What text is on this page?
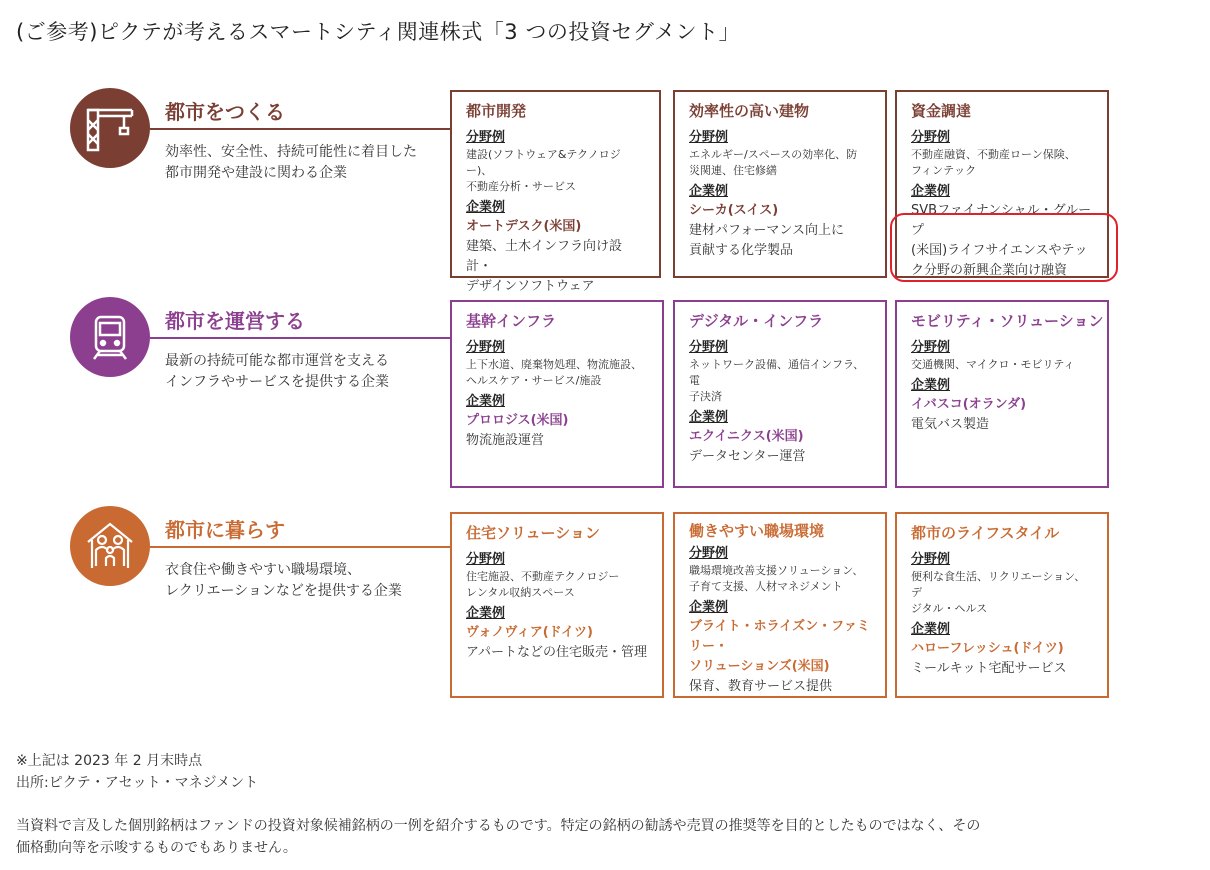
(ご参考)ピクテが考えるスマートシティ関連株式「3 つの投資セグメント」
都市をつくる
効率性、安全性、持続可能性に着目した
都市開発や建設に関わる企業
都市を運営する
最新の持続可能な都市運営を支える
インフラやサービスを提供する企業
都市に暮らす
衣食住や働きやすい職場環境、
レクリエーションなどを提供する企業
都市開発
分野例
建設(ソフトウェア&テクノロジー)、
不動産分析・サービス
企業例
オートデスク(米国)
建築、土木インフラ向け設計・
デザインソフトウェア
効率性の高い建物
分野例
エネルギー/スペースの効率化、防
災関連、住宅修繕
企業例
シーカ(スイス)
建材パフォーマンス向上に
貢献する化学製品
資金調達
分野例
不動産融資、不動産ローン保険、
フィンテック
企業例
SVBファイナンシャル・グループ
(米国)ライフサイエンスやテッ
ク分野の新興企業向け融資
基幹インフラ
分野例
上下水道、廃棄物処理、物流施設、
ヘルスケア・サービス/施設
企業例
プロロジス(米国)
物流施設運営
デジタル・インフラ
分野例
ネットワーク設備、通信インフラ、電
子決済
企業例
エクイニクス(米国)
データセンター運営
モビリティ・ソリューション
分野例
交通機関、マイクロ・モビリティ
企業例
イバスコ(オランダ)
電気バス製造
住宅ソリューション
分野例
住宅施設、不動産テクノロジー
レンタル収納スペース
企業例
ヴォノヴィア(ドイツ)
アパートなどの住宅販売・管理
働きやすい職場環境
分野例
職場環境改善支援ソリューション、
子育て支援、人材マネジメント
企業例
ブライト・ホライズン・ファミリー・
ソリューションズ(米国)
保育、教育サービス提供
都市のライフスタイル
分野例
便利な食生活、リクリエーション、デ
ジタル・ヘルス
企業例
ハローフレッシュ(ドイツ)
ミールキット宅配サービス
※上記は 2023 年 2 月末時点
出所:ピクテ・アセット・マネジメント
当資料で言及した個別銘柄はファンドの投資対象候補銘柄の一例を紹介するものです。特定の銘柄の勧誘や売買の推奨等を目的としたものではなく、その
価格動向等を示唆するものでもありません。
